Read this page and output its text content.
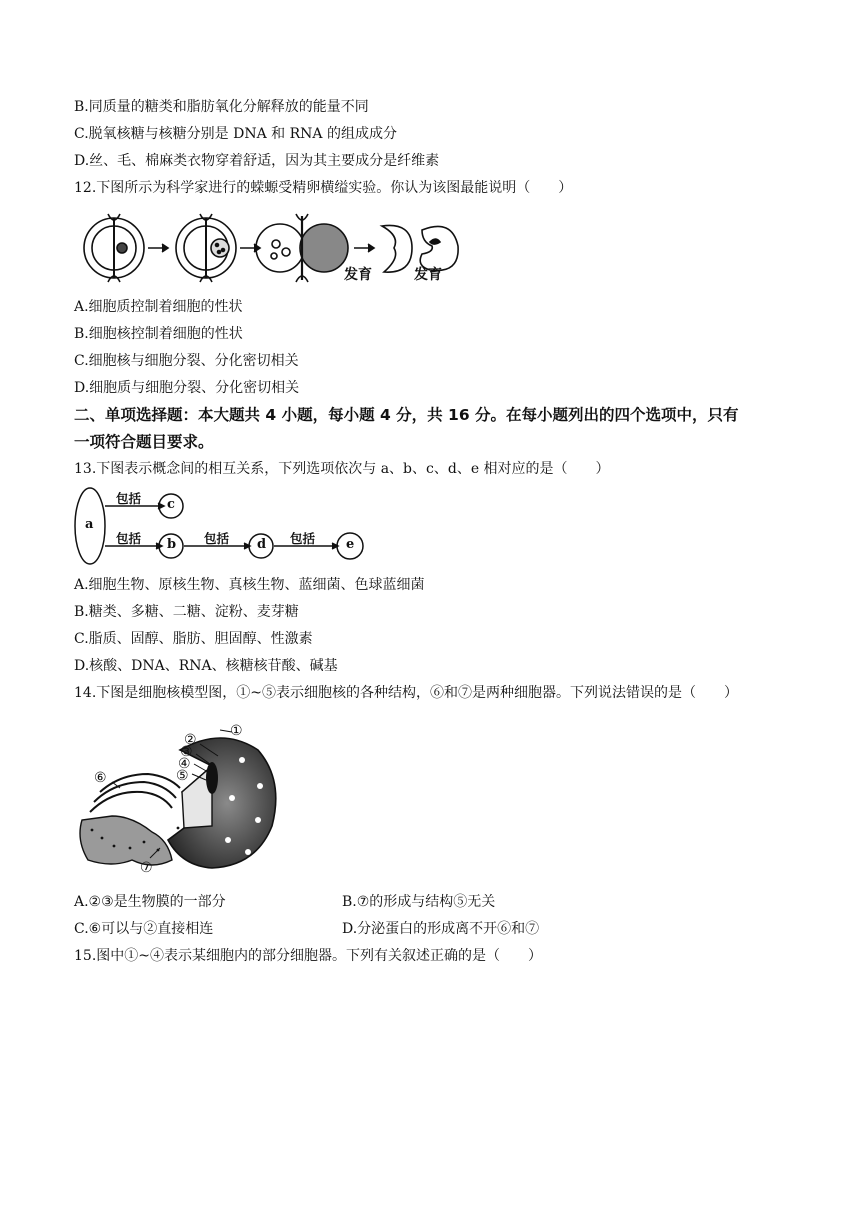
B.同质量的糖类和脂肪氧化分解释放的能量不同
C.脱氧核糖与核糖分别是 DNA 和 RNA 的组成成分
D.丝、毛、棉麻类衣物穿着舒适，因为其主要成分是纤维素
12.下图所示为科学家进行的蝾螈受精卵横缢实验。你认为该图最能说明（　　）
发育	发育
A.细胞质控制着细胞的性状
B.细胞核控制着细胞的性状
C.细胞核与细胞分裂、分化密切相关
D.细胞质与细胞分裂、分化密切相关
二、单项选择题：本大题共 4 小题，每小题 4 分，共 16 分。在每小题列出的四个选项中，只有
一项符合题目要求。
13.下图表示概念间的相互关系，下列选项依次与 a、b、c、d、e 相对应的是（　　）
a
b
c
d	e
包括
包括	包括	包括
A.细胞生物、原核生物、真核生物、蓝细菌、色球蓝细菌
B.糖类、多糖、二糖、淀粉、麦芽糖
C.脂质、固醇、脂肪、胆固醇、性激素
D.核酸、DNA、RNA、核糖核苷酸、碱基
14.下图是细胞核模型图，①~⑤表示细胞核的各种结构，⑥和⑦是两种细胞器。下列说法错误的是（　　）
①
②
③
④
⑤
⑥
⑦
A.②③是生物膜的一部分	B.⑦的形成与结构⑤无关
C.⑥可以与②直接相连	D.分泌蛋白的形成离不开⑥和⑦
15.图中①~④表示某细胞内的部分细胞器。下列有关叙述正确的是（　　）
